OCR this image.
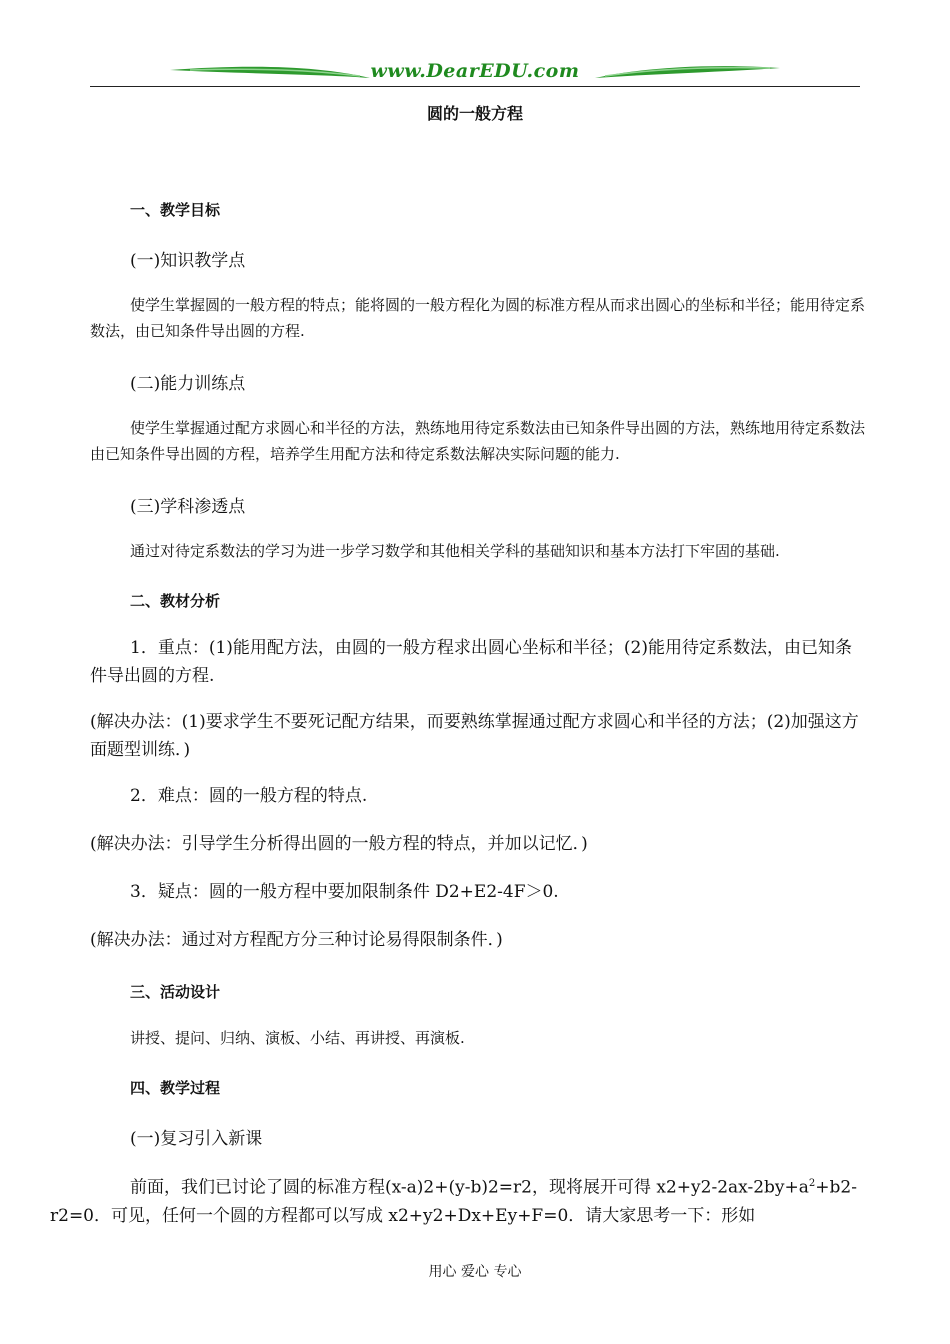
www.DearEDU.com
圆的一般方程
一、教学目标
(一)知识教学点
使学生掌握圆的一般方程的特点；能将圆的一般方程化为圆的标准方程从而求出圆心的坐标和半径；能用待定系数法，由已知条件导出圆的方程.
(二)能力训练点
使学生掌握通过配方求圆心和半径的方法，熟练地用待定系数法由已知条件导出圆的方法，熟练地用待定系数法由已知条件导出圆的方程，培养学生用配方法和待定系数法解决实际问题的能力.
(三)学科渗透点
通过对待定系数法的学习为进一步学习数学和其他相关学科的基础知识和基本方法打下牢固的基础.
二、教材分析
1．重点：(1)能用配方法，由圆的一般方程求出圆心坐标和半径；(2)能用待定系数法，由已知条件导出圆的方程.
(解决办法：(1)要求学生不要死记配方结果，而要熟练掌握通过配方求圆心和半径的方法；(2)加强这方面题型训练．)
2．难点：圆的一般方程的特点.
(解决办法：引导学生分析得出圆的一般方程的特点，并加以记忆．)
3．疑点：圆的一般方程中要加限制条件 D2+E2-4F＞0.
(解决办法：通过对方程配方分三种讨论易得限制条件．)
三、活动设计
讲授、提问、归纳、演板、小结、再讲授、再演板.
四、教学过程
(一)复习引入新课
前面，我们已讨论了圆的标准方程(x-a)2+(y-b)2=r2，现将展开可得 $x2+y2-2ax-2by+a^2+b2-$
r2=0．可见，任何一个圆的方程都可以写成 x2+y2+Dx+Ey+F=0．请大家思考一下：形如
用心 爱心 专心
